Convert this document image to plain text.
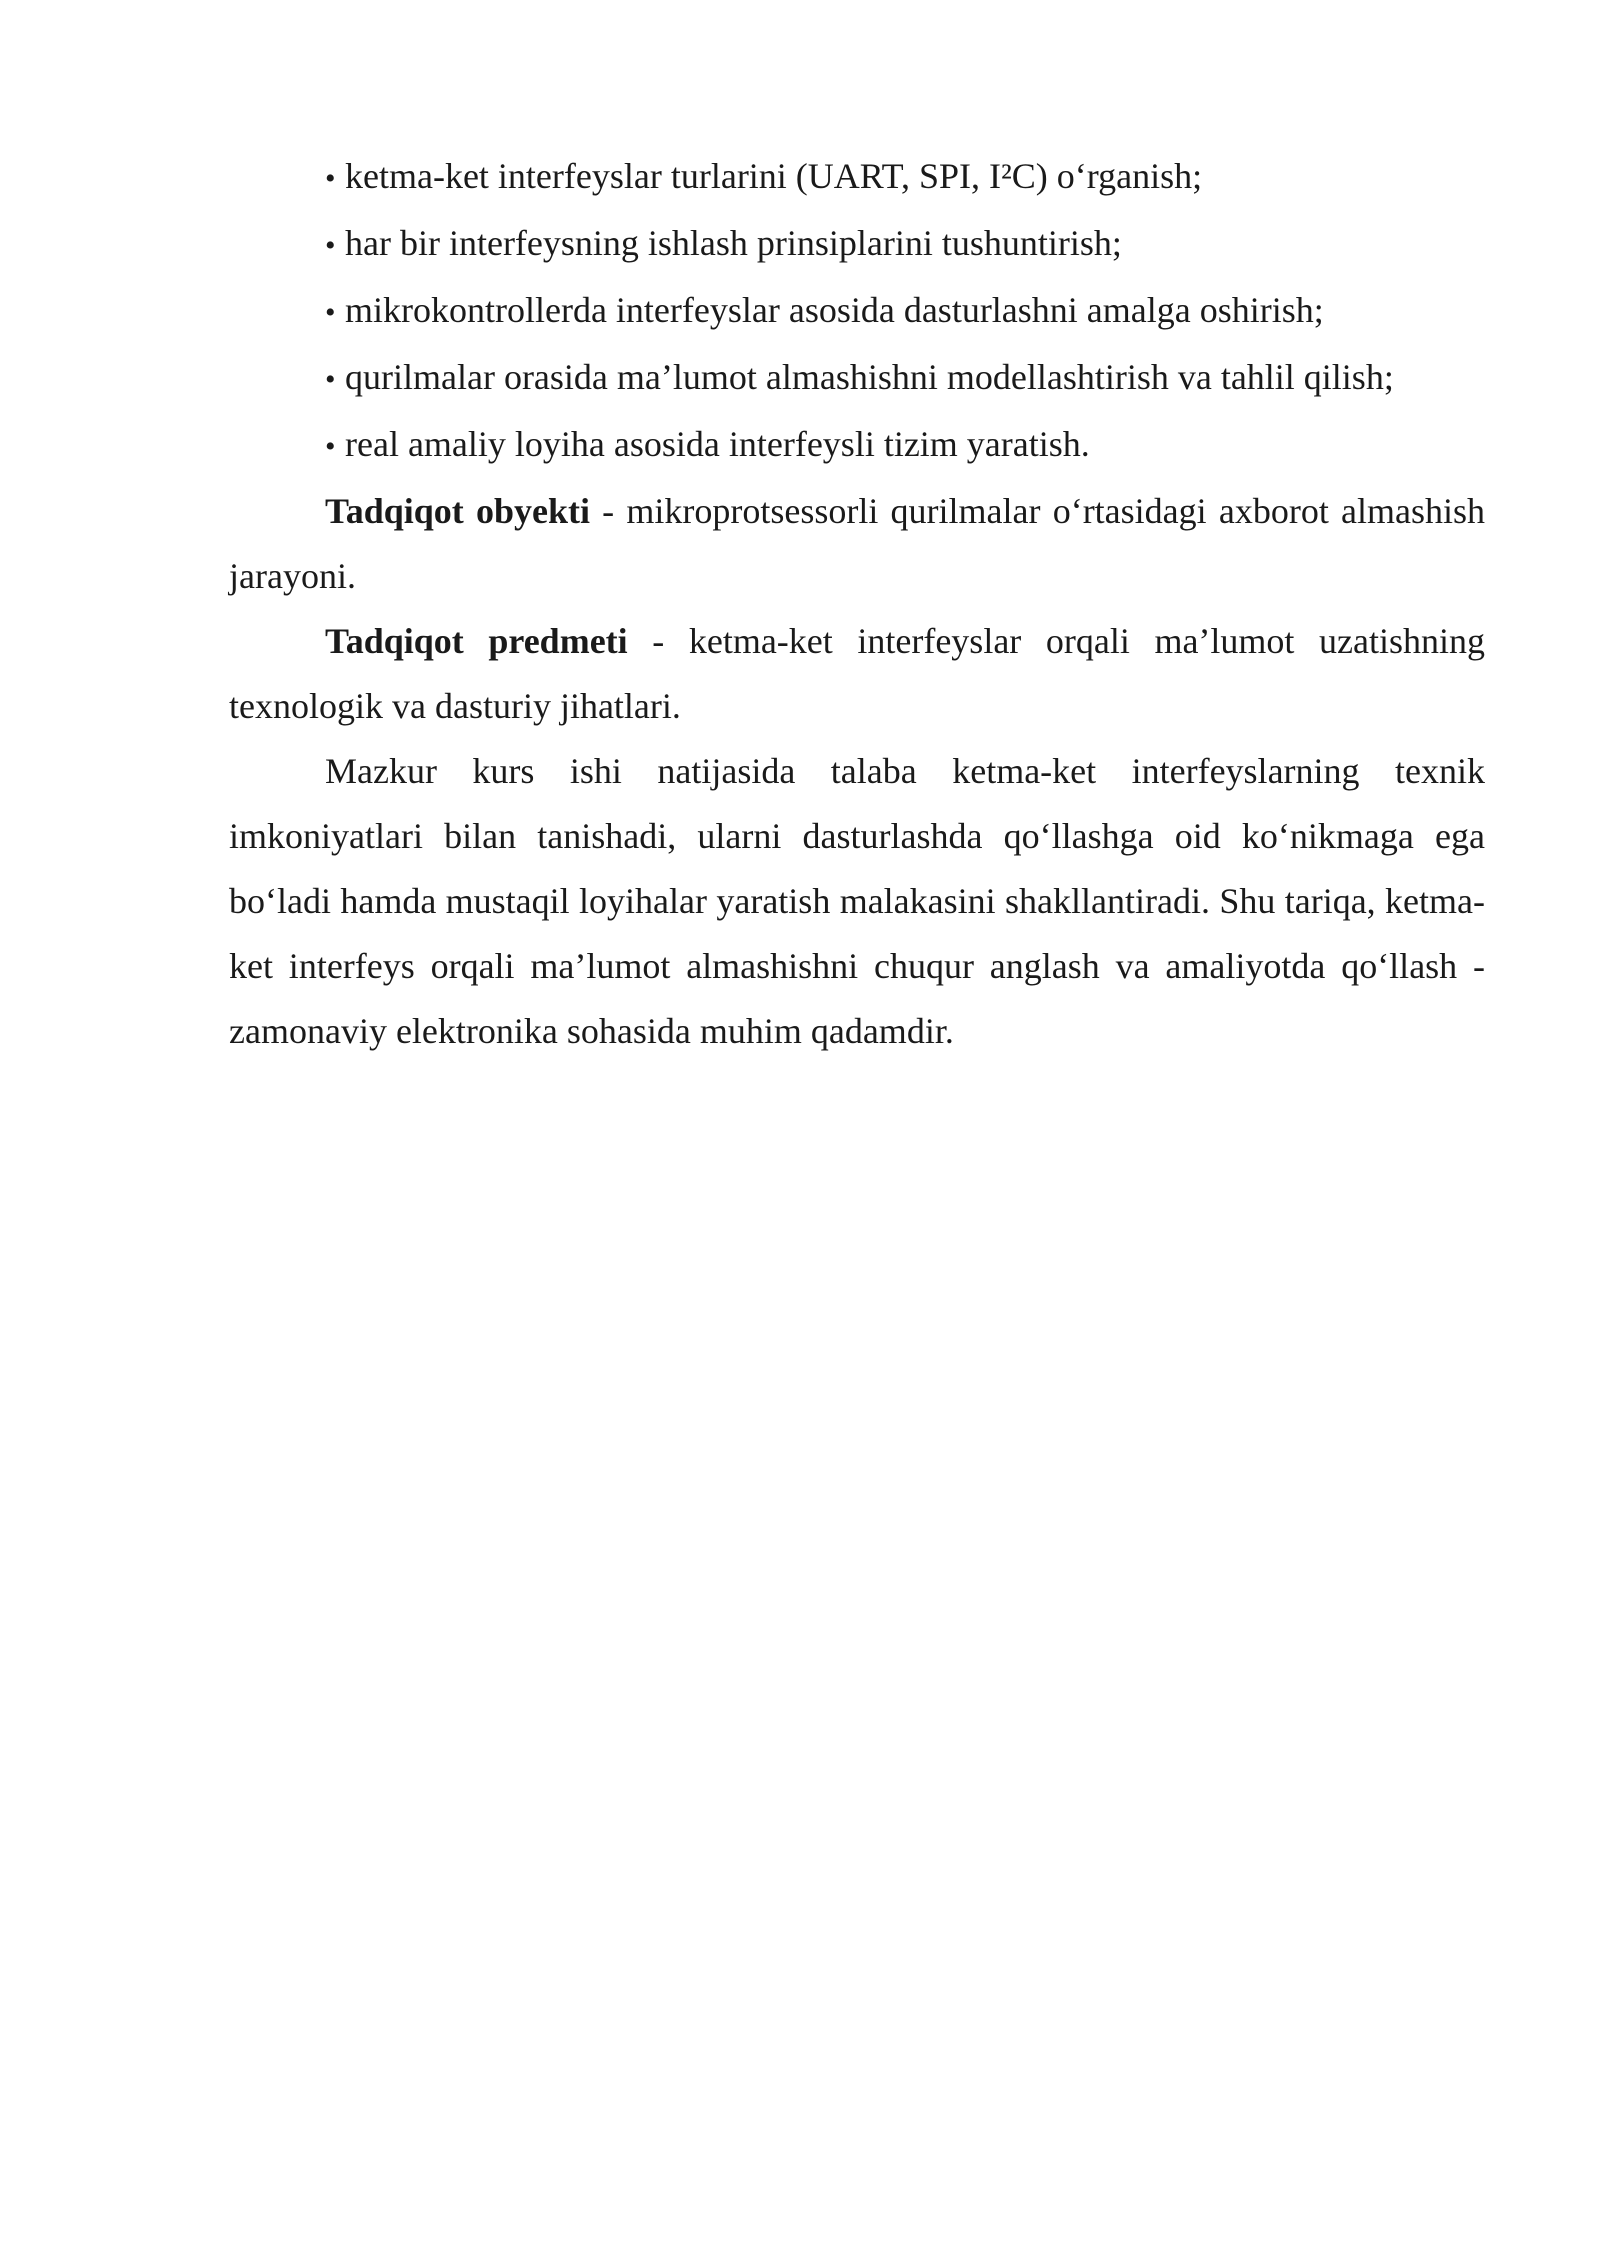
• ketma-ket interfeyslar turlarini (UART, SPI, I²C) o‘rganish;
• har bir interfeysning ishlash prinsiplarini tushuntirish;
• mikrokontrollerda interfeyslar asosida dasturlashni amalga oshirish;
• qurilmalar orasida ma’lumot almashishni modellashtirish va tahlil qilish;
• real amaliy loyiha asosida interfeysli tizim yaratish.

Tadqiqot obyekti - mikroprotsessorli qurilmalar o‘rtasidagi axborot almashish jarayoni.

Tadqiqot predmeti - ketma-ket interfeyslar orqali ma’lumot uzatishning texnologik va dasturiy jihatlari.

Mazkur kurs ishi natijasida talaba ketma-ket interfeyslarning texnik imkoniyatlari bilan tanishadi, ularni dasturlashda qo‘llashga oid ko‘nikmaga ega bo‘ladi hamda mustaqil loyihalar yaratish malakasini shakllantiradi. Shu tariqa, ketma-ket interfeys orqali ma’lumot almashishni chuqur anglash va amaliyotda qo‘llash - zamonaviy elektronika sohasida muhim qadamdir.
